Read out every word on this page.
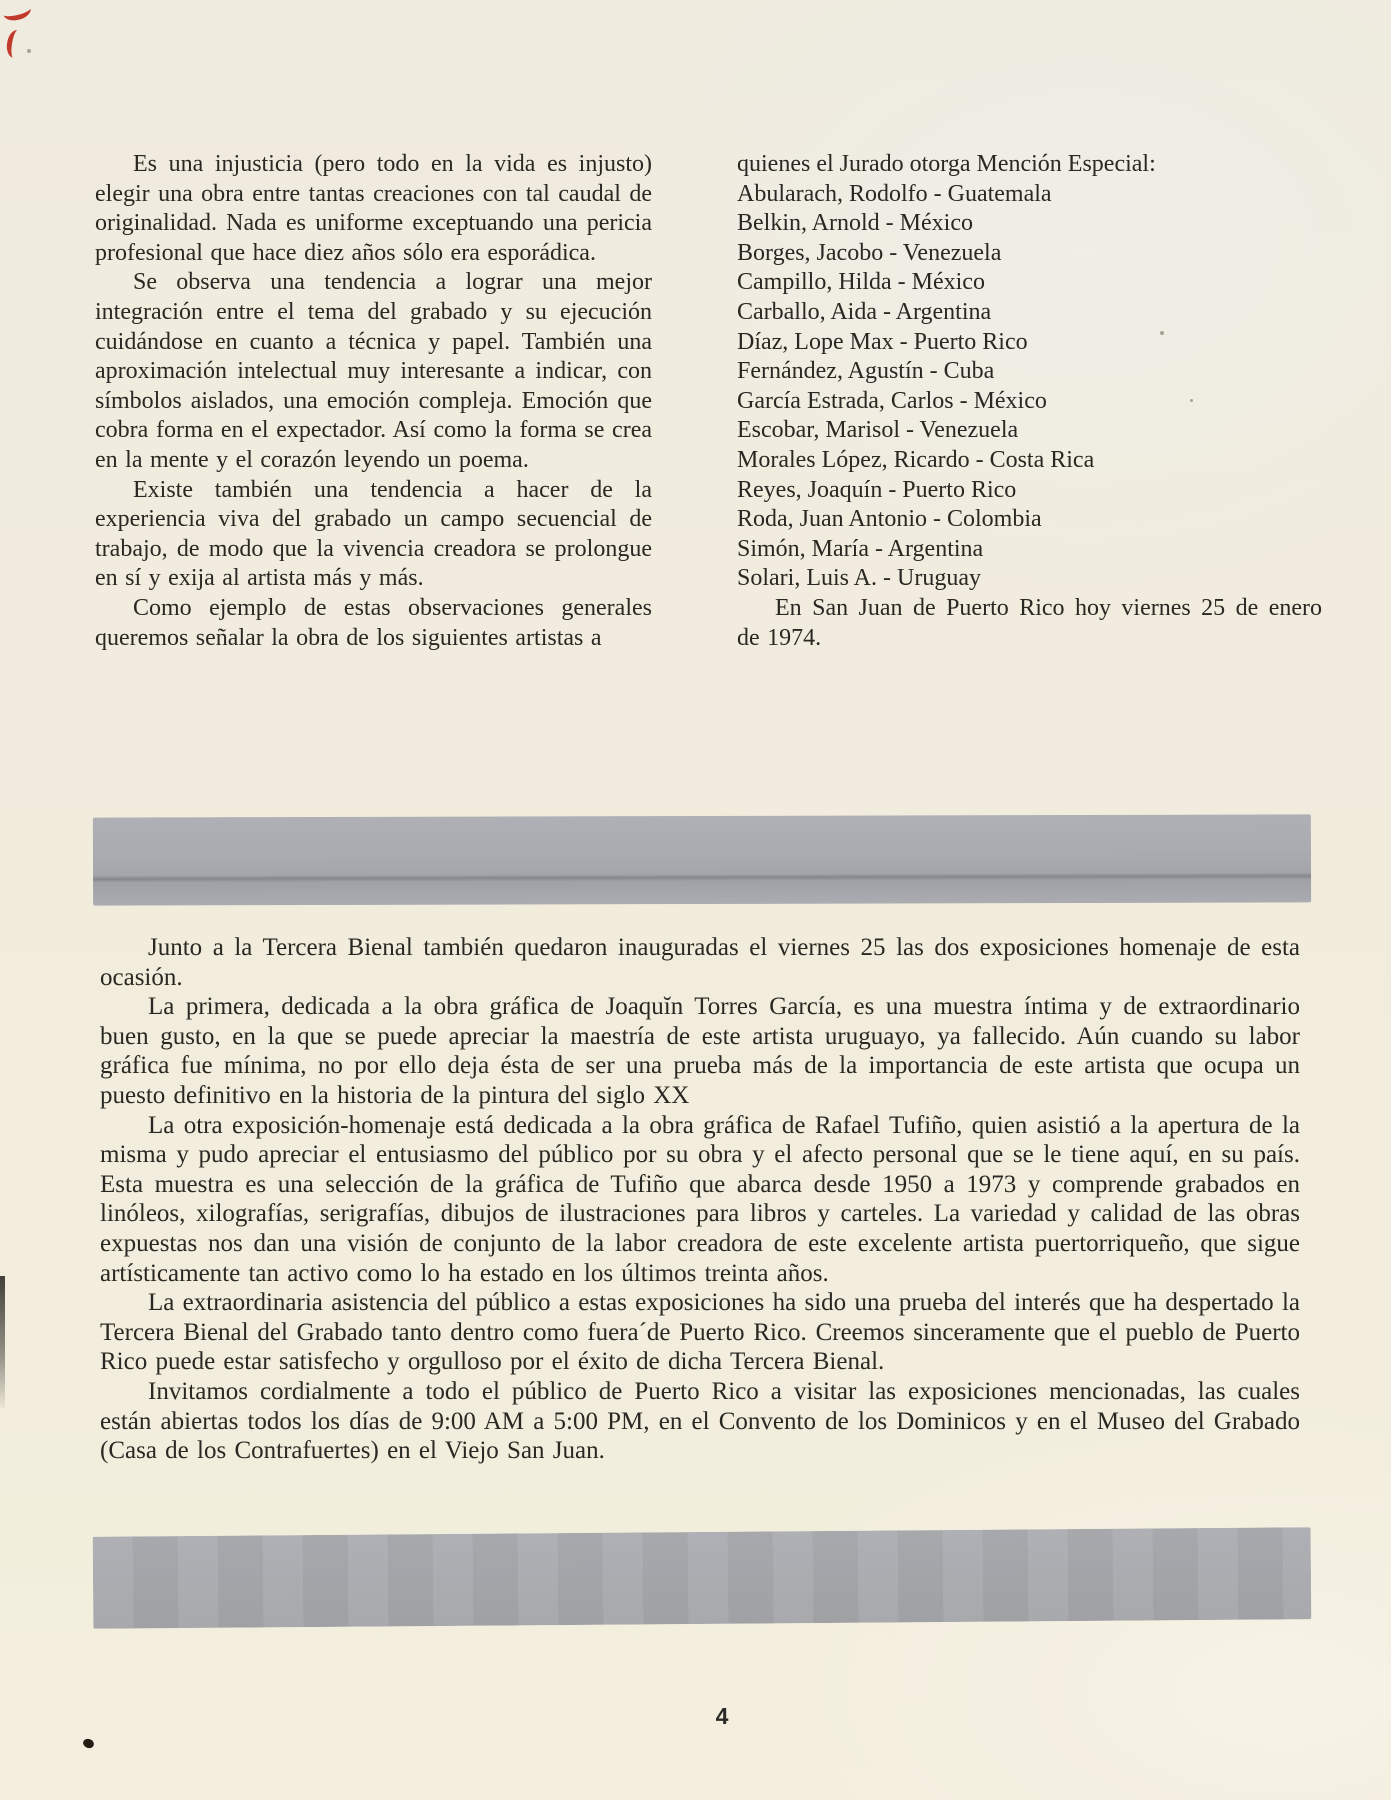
Es una injusticia (pero todo en la vida es injusto) elegir una obra entre tantas creaciones con tal caudal de originalidad. Nada es uniforme exceptuando una pericia profesional que hace diez años sólo era esporádica.

Se observa una tendencia a lograr una mejor integración entre el tema del grabado y su ejecución cuidándose en cuanto a técnica y papel. También una aproximación intelectual muy interesante a indicar, con símbolos aislados, una emoción compleja. Emoción que cobra forma en el expectador. Así como la forma se crea en la mente y el corazón leyendo un poema.

Existe también una tendencia a hacer de la experiencia viva del grabado un campo secuencial de trabajo, de modo que la vivencia creadora se prolongue en sí y exija al artista más y más.

Como ejemplo de estas observaciones generales queremos señalar la obra de los siguientes artistas a

quienes el Jurado otorga Mención Especial:

Abularach, Rodolfo - Guatemala

Belkin, Arnold - México

Borges, Jacobo - Venezuela

Campillo, Hilda - México

Carballo, Aida - Argentina

Díaz, Lope Max - Puerto Rico

Fernández, Agustín - Cuba

García Estrada, Carlos - México

Escobar, Marisol - Venezuela

Morales López, Ricardo - Costa Rica

Reyes, Joaquín - Puerto Rico

Roda, Juan Antonio - Colombia

Simón, María - Argentina

Solari, Luis A. - Uruguay

En San Juan de Puerto Rico hoy viernes 25 de enero de 1974.

Junto a la Tercera Bienal también quedaron inauguradas el viernes 25 las dos exposiciones homenaje de esta ocasión.

La primera, dedicada a la obra gráfica de Joaquĭn Torres García, es una muestra íntima y de extraordinario buen gusto, en la que se puede apreciar la maestría de este artista uruguayo, ya fallecido. Aún cuando su labor gráfica fue mínima, no por ello deja ésta de ser una prueba más de la importancia de este artista que ocupa un puesto definitivo en la historia de la pintura del siglo XX

La otra exposición-homenaje está dedicada a la obra gráfica de Rafael Tufiño, quien asistió a la apertura de la misma y pudo apreciar el entusiasmo del público por su obra y el afecto personal que se le tiene aquí, en su país. Esta muestra es una selección de la gráfica de Tufiño que abarca desde 1950 a 1973 y comprende grabados en linóleos, xilografías, serigrafías, dibujos de ilustraciones para libros y carteles. La variedad y calidad de las obras expuestas nos dan una visión de conjunto de la labor creadora de este excelente artista puertorriqueño, que sigue artísticamente tan activo como lo ha estado en los últimos treinta años.

La extraordinaria asistencia del público a estas exposiciones ha sido una prueba del interés que ha despertado la Tercera Bienal del Grabado tanto dentro como fuera´de Puerto Rico. Creemos sinceramente que el pueblo de Puerto Rico puede estar satisfecho y orgulloso por el éxito de dicha Tercera Bienal.

Invitamos cordialmente a todo el público de Puerto Rico a visitar las exposiciones mencionadas, las cuales están abiertas todos los días de 9:00 AM a 5:00 PM, en el Convento de los Dominicos y en el Museo del Grabado (Casa de los Contrafuertes) en el Viejo San Juan.

4
